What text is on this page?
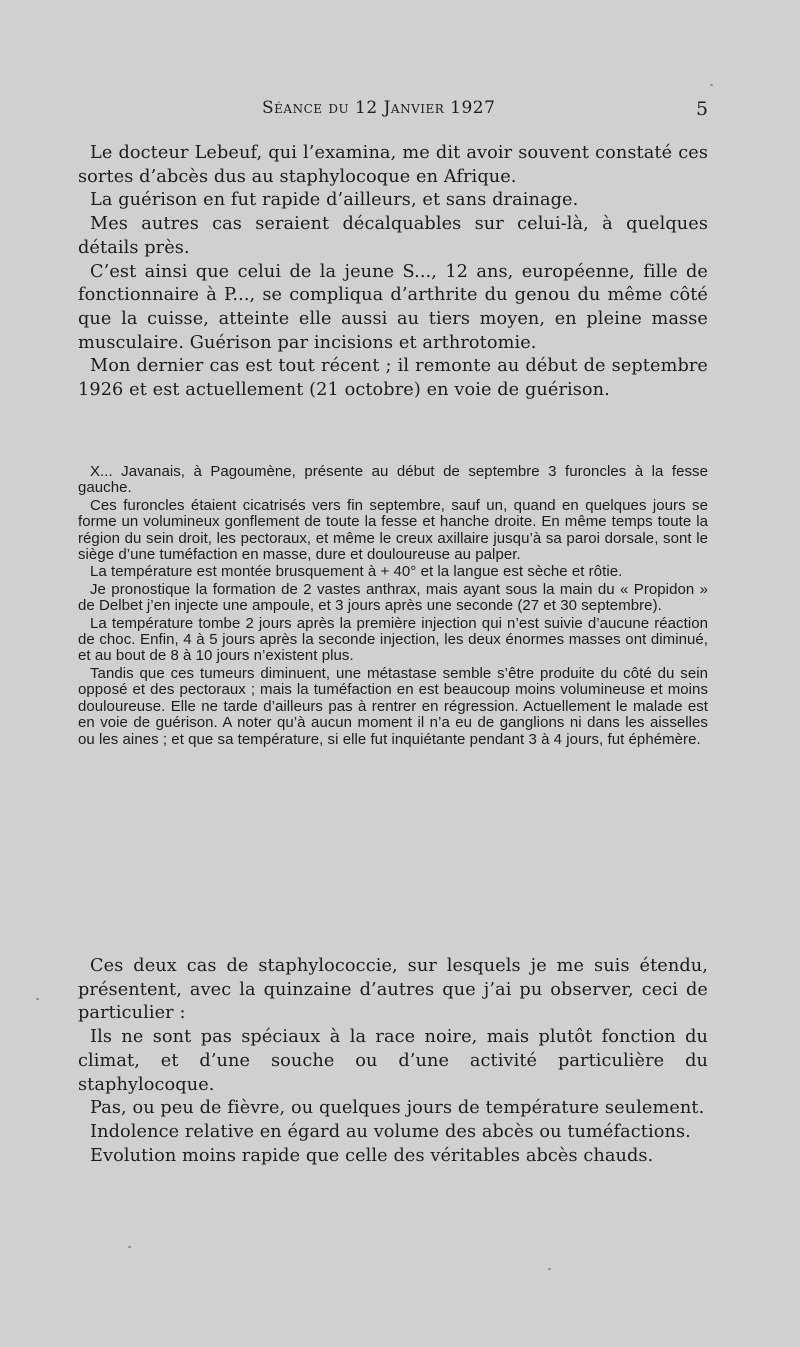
Séance du 12 Janvier 1927	5

Le docteur Lebeuf, qui l’examina, me dit avoir souvent constaté ces sortes d’abcès dus au staphylocoque en Afrique.

La guérison en fut rapide d’ailleurs, et sans drainage.

Mes autres cas seraient décalquables sur celui-là, à quelques détails près.

C’est ainsi que celui de la jeune S..., 12 ans, européenne, fille de fonctionnaire à P..., se compliqua d’arthrite du genou du même côté que la cuisse, atteinte elle aussi au tiers moyen, en pleine masse musculaire. Guérison par incisions et arthrotomie.

Mon dernier cas est tout récent ; il remonte au début de septembre 1926 et est actuellement (21 octobre) en voie de guérison.

X... Javanais, à Pagoumène, présente au début de septembre 3 furoncles à la fesse gauche.

Ces furoncles étaient cicatrisés vers fin septembre, sauf un, quand en quelques jours se forme un volumineux gonflement de toute la fesse et hanche droite. En même temps toute la région du sein droit, les pectoraux, et même le creux axillaire jusqu’à sa paroi dorsale, sont le siège d’une tuméfaction en masse, dure et douloureuse au palper.

La température est montée brusquement à + 40° et la langue est sèche et rôtie.

Je pronostique la formation de 2 vastes anthrax, mais ayant sous la main du « Propidon » de Delbet j’en injecte une ampoule, et 3 jours après une seconde (27 et 30 septembre).

La température tombe 2 jours après la première injection qui n’est suivie d’aucune réaction de choc. Enfin, 4 à 5 jours après la seconde injection, les deux énormes masses ont diminué, et au bout de 8 à 10 jours n’existent plus.

Tandis que ces tumeurs diminuent, une métastase semble s’être produite du côté du sein opposé et des pectoraux ; mais la tuméfaction en est beaucoup moins volumineuse et moins douloureuse. Elle ne tarde d’ailleurs pas à rentrer en régression. Actuellement le malade est en voie de guérison. A noter qu’à aucun moment il n’a eu de ganglions ni dans les aisselles ou les aines ; et que sa température, si elle fut inquiétante pendant 3 à 4 jours, fut éphémère.

Ces deux cas de staphylococcie, sur lesquels je me suis étendu, présentent, avec la quinzaine d’autres que j’ai pu observer, ceci de particulier :

Ils ne sont pas spéciaux à la race noire, mais plutôt fonction du climat, et d’une souche ou d’une activité particulière du staphylocoque.

Pas, ou peu de fièvre, ou quelques jours de température seulement.

Indolence relative en égard au volume des abcès ou tuméfactions.

Evolution moins rapide que celle des véritables abcès chauds.
